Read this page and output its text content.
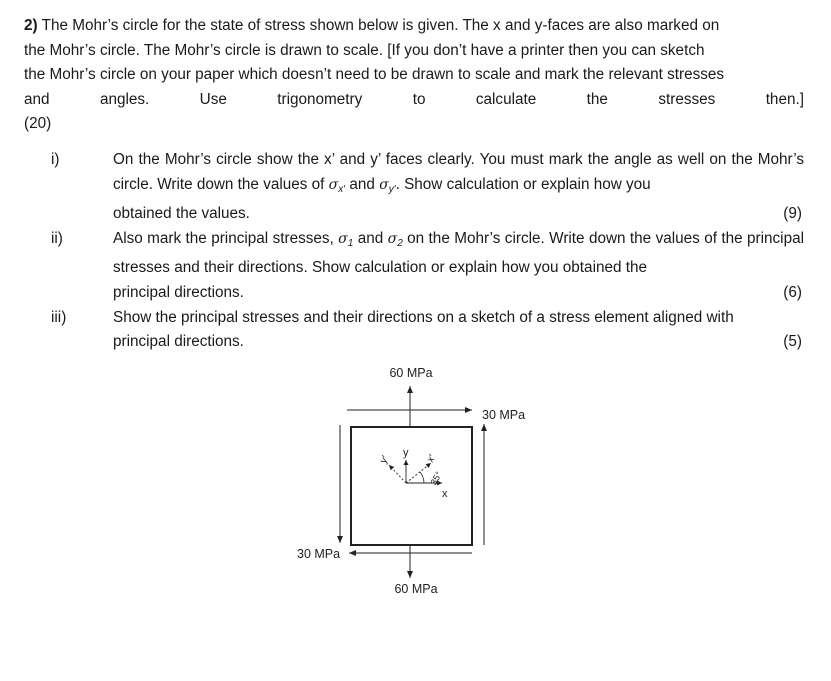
2) The Mohr’s circle for the state of stress shown below is given. The x and y-faces are also marked on

the Mohr’s circle. The Mohr’s circle is drawn to scale. [If you don’t have a printer then you can sketch

the Mohr’s circle on your paper which doesn’t need to be drawn to scale and mark the relevant stresses

and	angles.	Use	trigonometry	to	calculate	the	stresses	then.]

(20)

i)	On the Mohr’s circle show the x’ and y’ faces clearly. You must mark the angle as well on the Mohr’s circle. Write down the values of $\sigma_{x'}$ and $\sigma_{y'}$. Show calculation or explain how you

obtained the values.	(9)
ii)	Also mark the principal stresses, $\sigma_1$ and $\sigma_2$ on the Mohr’s circle. Write down the values of the principal stresses and their directions. Show calculation or explain how you obtained the

principal directions.	(6)
iii)	Show the principal stresses and their directions on a sketch of a stress element aligned with

principal directions.	(5)
60 MPa
30 MPa
30 MPa
60 MPa
x
y x′
y′
35°
